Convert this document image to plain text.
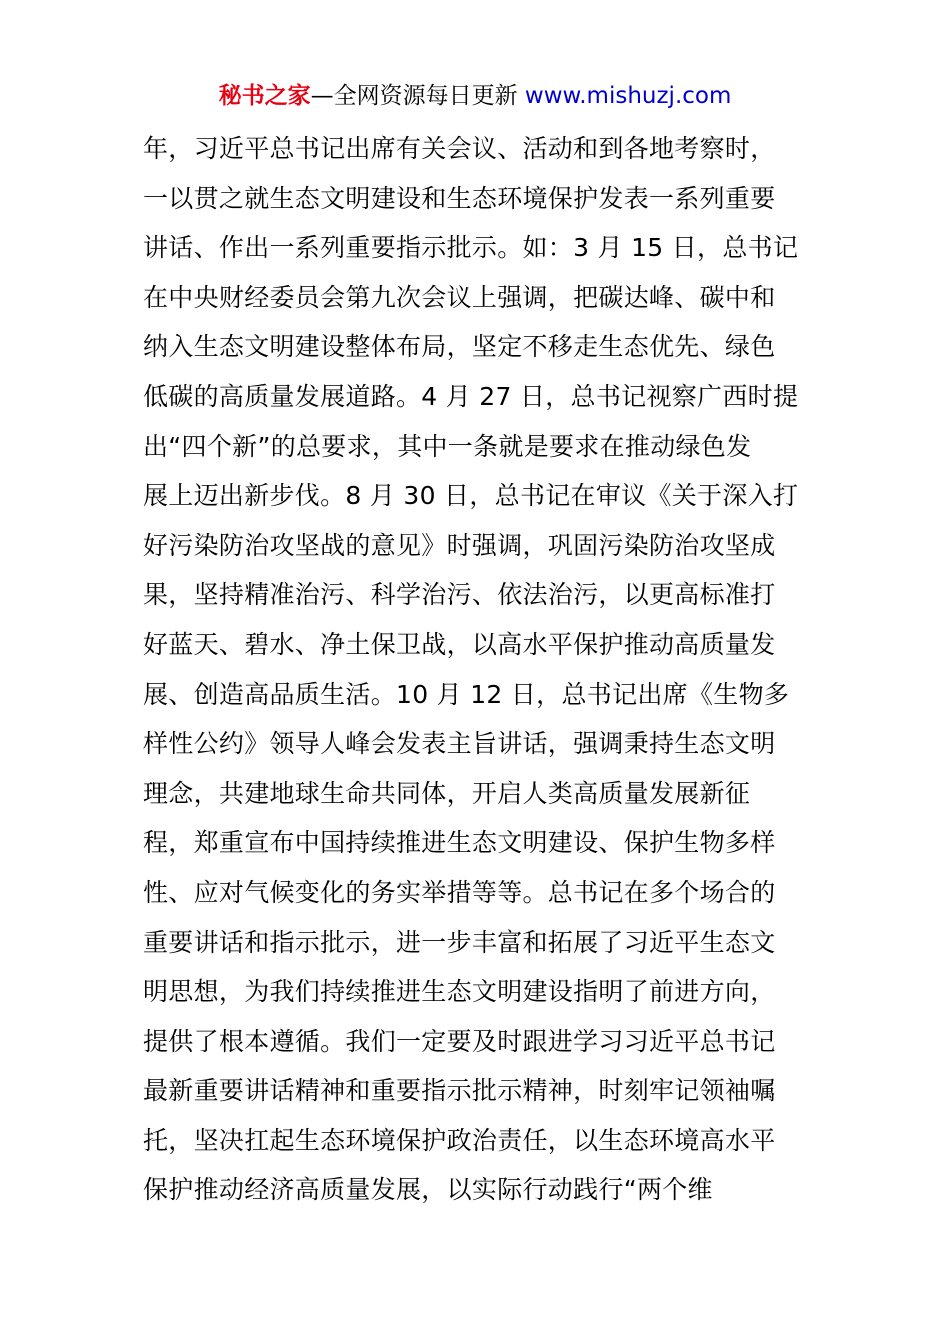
秘书之家—全网资源每日更新 www.mishuzj.com
年，习近平总书记出席有关会议、活动和到各地考察时，
一以贯之就生态文明建设和生态环境保护发表一系列重要
讲话、作出一系列重要指示批示。如：3 月 15 日，总书记
在中央财经委员会第九次会议上强调，把碳达峰、碳中和
纳入生态文明建设整体布局，坚定不移走生态优先、绿色
低碳的高质量发展道路。4 月 27 日，总书记视察广西时提
出“四个新”的总要求，其中一条就是要求在推动绿色发
展上迈出新步伐。8 月 30 日，总书记在审议《关于深入打
好污染防治攻坚战的意见》时强调，巩固污染防治攻坚成
果，坚持精准治污、科学治污、依法治污，以更高标准打
好蓝天、碧水、净土保卫战，以高水平保护推动高质量发
展、创造高品质生活。10 月 12 日，总书记出席《生物多
样性公约》领导人峰会发表主旨讲话，强调秉持生态文明
理念，共建地球生命共同体，开启人类高质量发展新征
程，郑重宣布中国持续推进生态文明建设、保护生物多样
性、应对气候变化的务实举措等等。总书记在多个场合的
重要讲话和指示批示，进一步丰富和拓展了习近平生态文
明思想，为我们持续推进生态文明建设指明了前进方向，
提供了根本遵循。我们一定要及时跟进学习习近平总书记
最新重要讲话精神和重要指示批示精神，时刻牢记领袖嘱
托，坚决扛起生态环境保护政治责任，以生态环境高水平
保护推动经济高质量发展，以实际行动践行“两个维
